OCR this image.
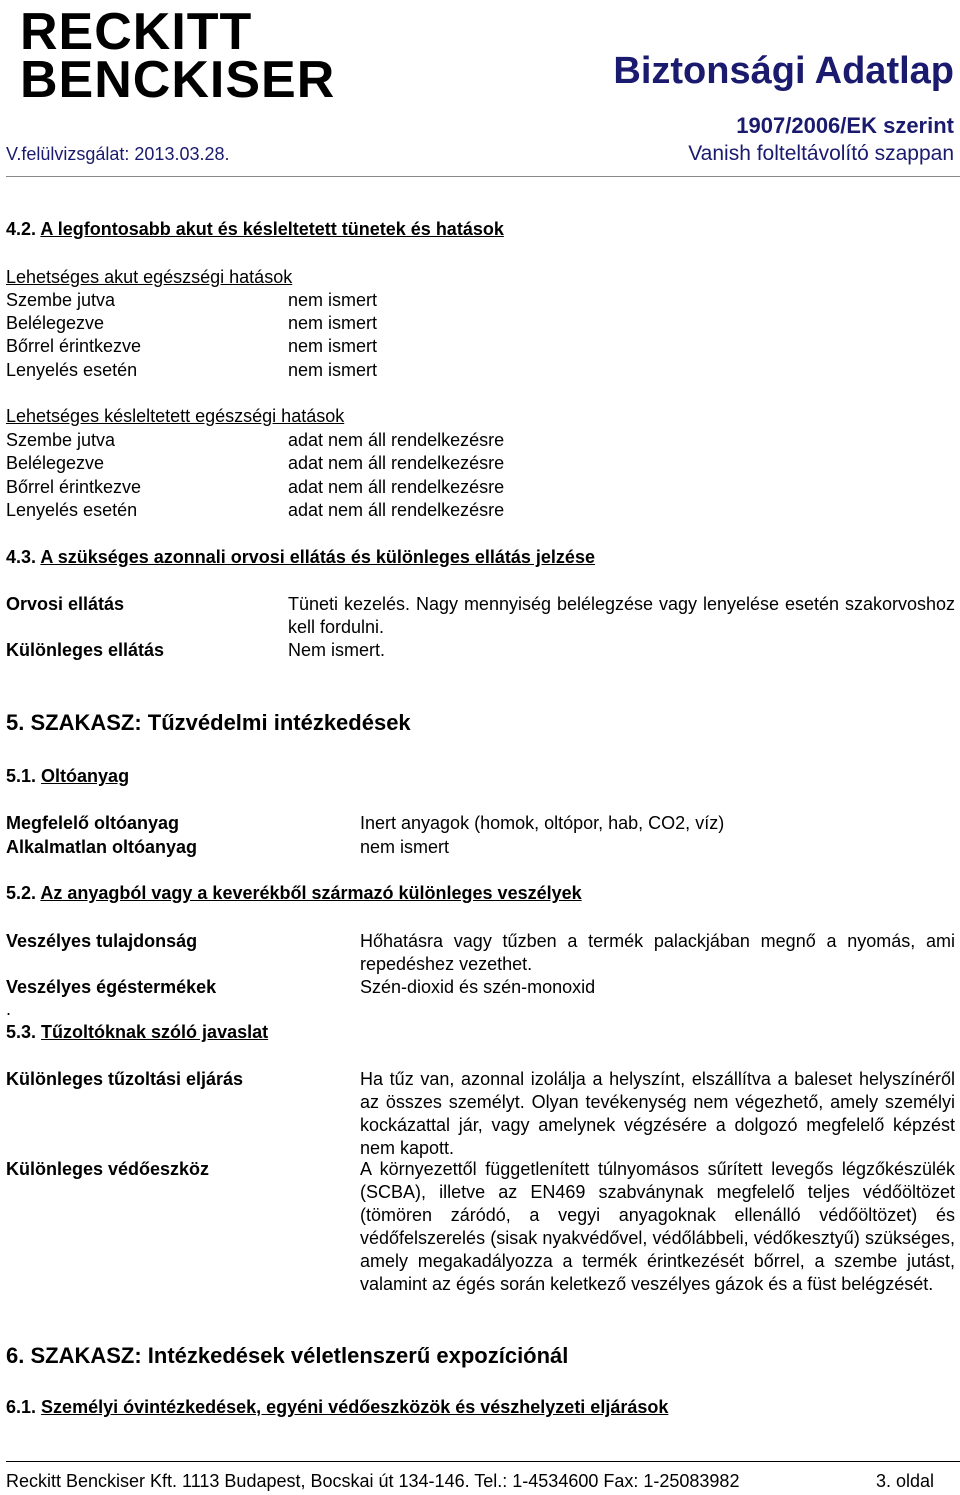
RECKITT
BENCKISER	Biztonsági Adatlap
1907/2006/EK szerint
V.felülvizsgálat: 2013.03.28.	Vanish folteltávolító szappan
4.2. A legfontosabb akut és késleltetett tünetek és hatások
Lehetséges akut egészségi hatások
Szembe jutva	nem ismert
Belélegezve	nem ismert
Bőrrel érintkezve	nem ismert
Lenyelés esetén	nem ismert
Lehetséges késleltetett egészségi hatások
Szembe jutva	adat nem áll rendelkezésre
Belélegezve	adat nem áll rendelkezésre
Bőrrel érintkezve	adat nem áll rendelkezésre
Lenyelés esetén	adat nem áll rendelkezésre
4.3. A szükséges azonnali orvosi ellátás és különleges ellátás jelzése
Orvosi ellátás	Tüneti kezelés. Nagy mennyiség belélegzése vagy lenyelése esetén szakorvoshoz kell fordulni.
Különleges ellátás	Nem ismert.
5. SZAKASZ: Tűzvédelmi intézkedések
5.1. Oltóanyag
Megfelelő oltóanyag	Inert anyagok (homok, oltópor, hab, CO2, víz)
Alkalmatlan oltóanyag	nem ismert
5.2. Az anyagból vagy a keverékből származó különleges veszélyek
Veszélyes tulajdonság	Hőhatásra vagy tűzben a termék palackjában megnő a nyomás, ami repedéshez vezethet.
Veszélyes égéstermékek	Szén-dioxid és szén-monoxid
.
5.3. Tűzoltóknak szóló javaslat
Különleges tűzoltási eljárás	Ha tűz van, azonnal izolálja a helyszínt, elszállítva a baleset helyszínéről az összes személyt. Olyan tevékenység nem végezhető, amely személyi kockázattal jár, vagy amelynek végzésére a dolgozó megfelelő képzést nem kapott.
Különleges védőeszköz	A környezettől függetlenített túlnyomásos sűrített levegős légzőkészülék (SCBA), illetve az EN469 szabványnak megfelelő teljes védőöltözet (tömören záródó, a vegyi anyagoknak ellenálló védőöltözet) és védőfelszerelés (sisak nyakvédővel, védőlábbeli, védőkesztyű) szükséges, amely megakadályozza a termék érintkezését bőrrel, a szembe jutást, valamint az égés során keletkező veszélyes gázok és a füst belégzését.
6. SZAKASZ: Intézkedések véletlenszerű expozíciónál
6.1. Személyi óvintézkedések, egyéni védőeszközök és vészhelyzeti eljárások
Reckitt Benckiser Kft. 1113 Budapest, Bocskai út 134-146. Tel.: 1-4534600 Fax: 1-25083982	3. oldal
